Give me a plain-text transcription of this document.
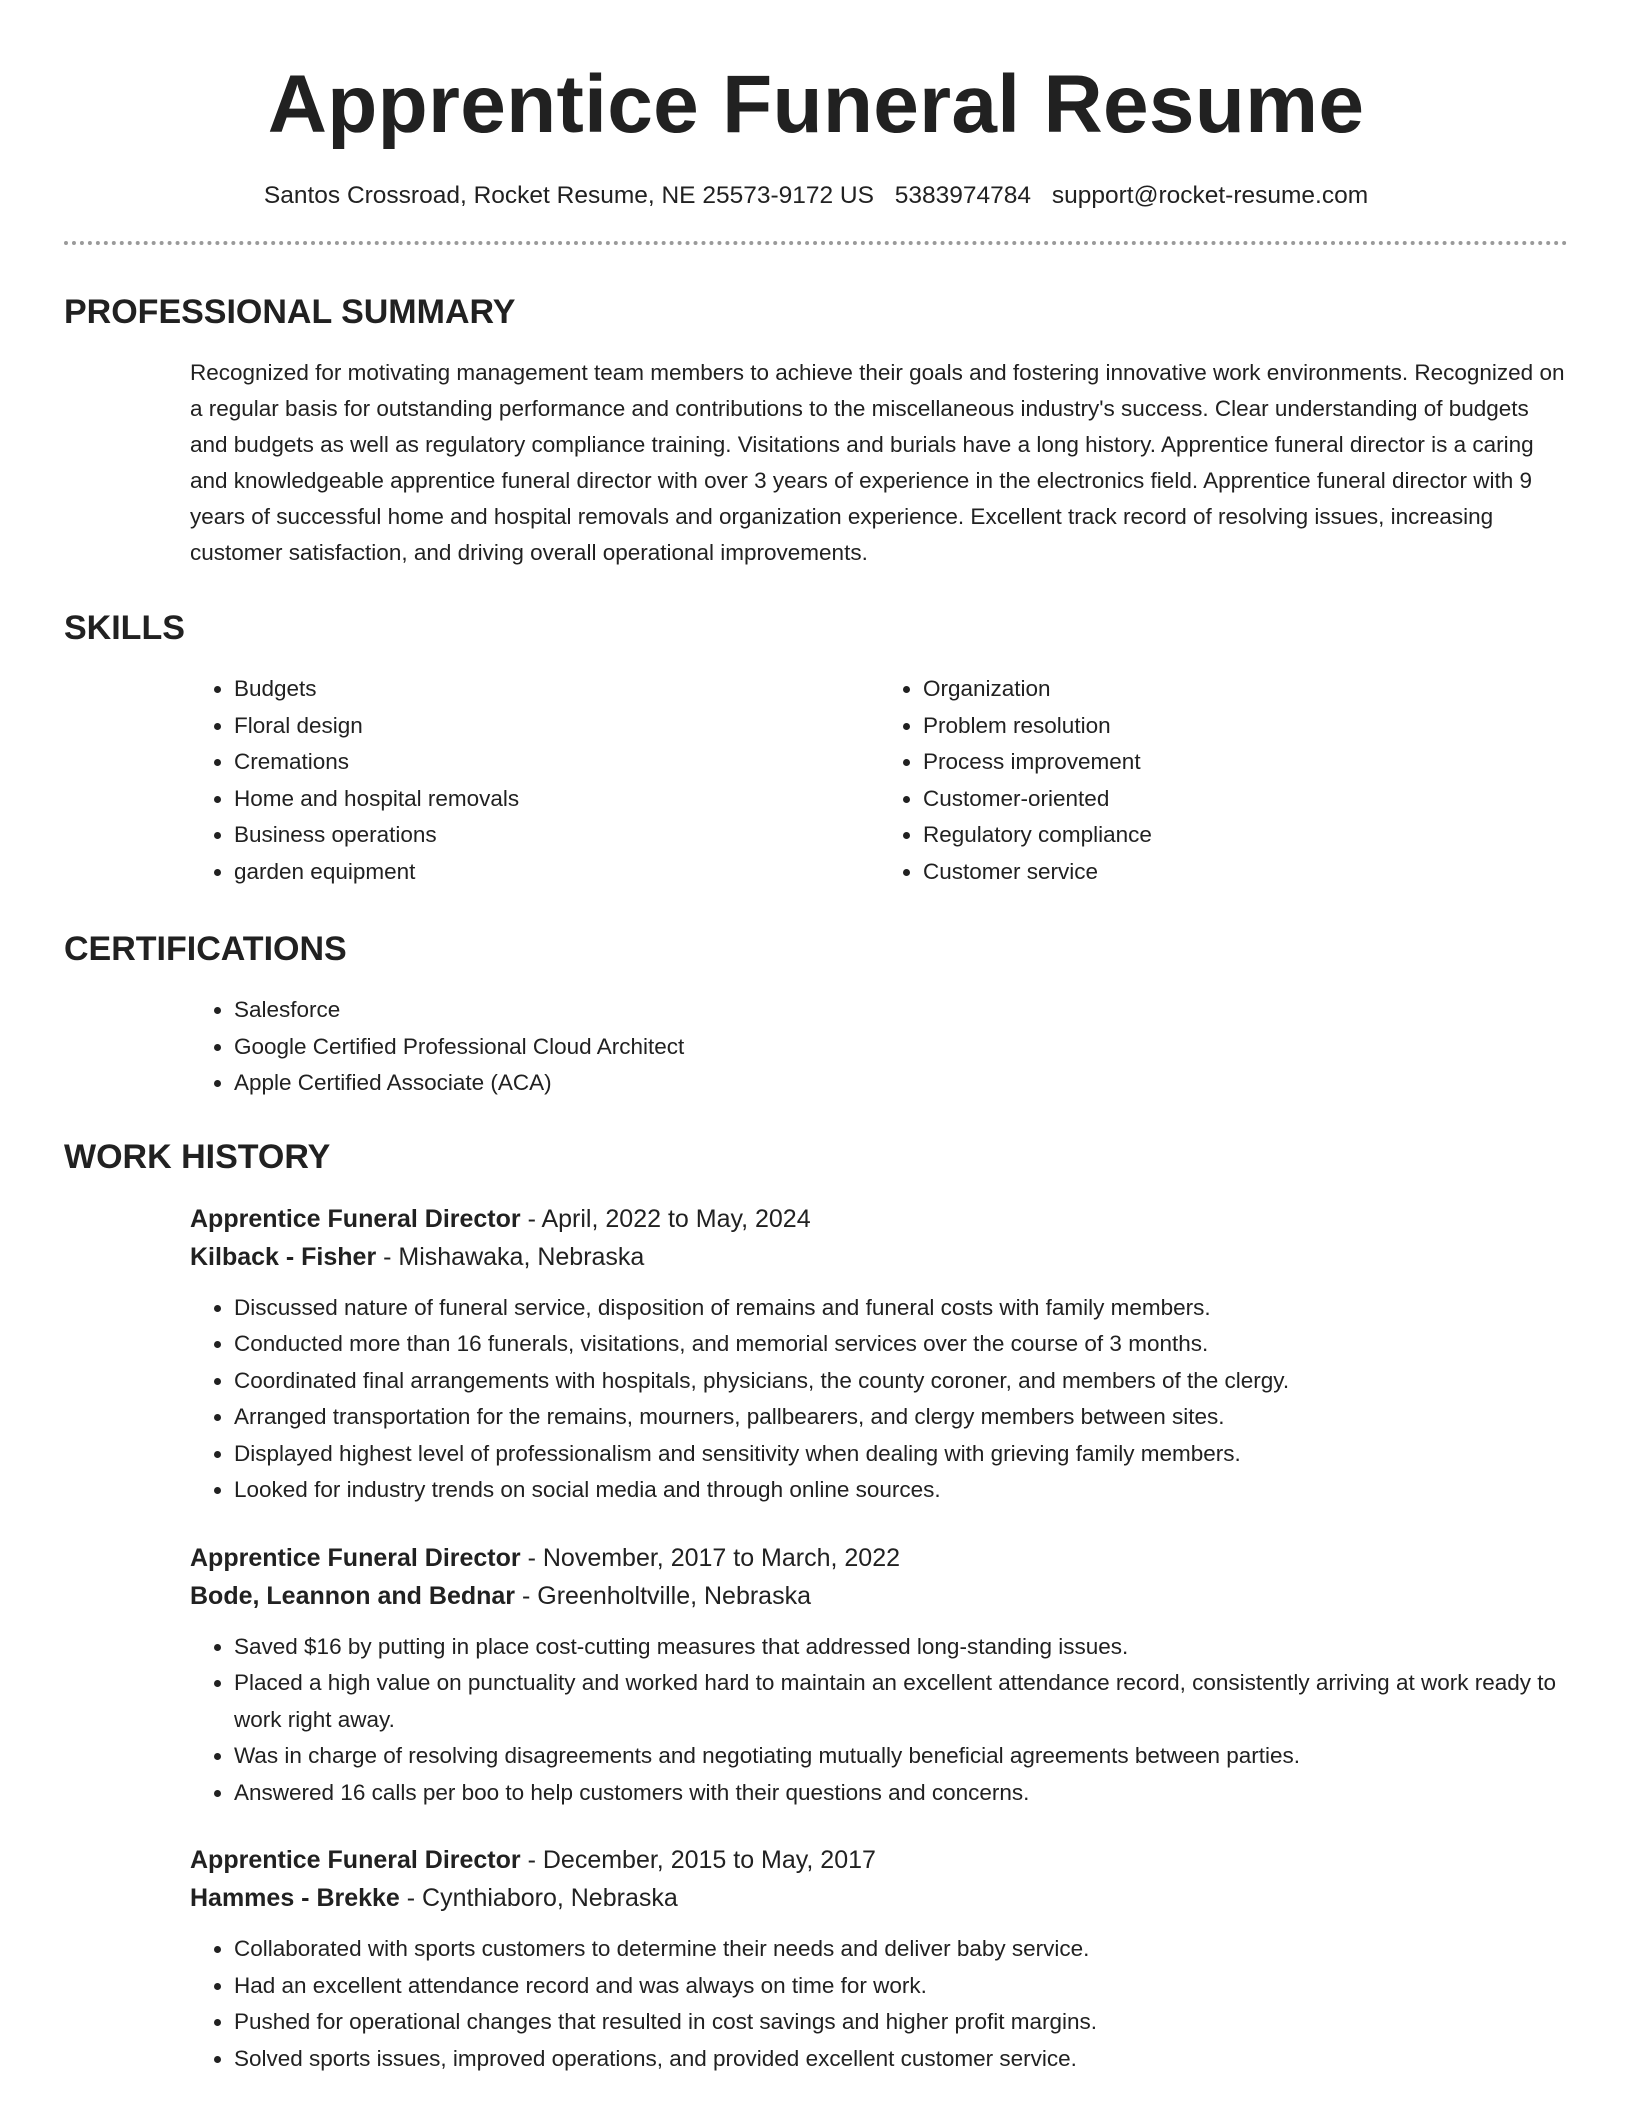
Apprentice Funeral Resume
Santos Crossroad, Rocket Resume, NE 25573-9172 US 5383974784 support@rocket-resume.com
PROFESSIONAL SUMMARY

Recognized for motivating management team members to achieve their goals and fostering innovative work environments. Recognized on a regular basis for outstanding performance and contributions to the miscellaneous industry's success. Clear understanding of budgets and budgets as well as regulatory compliance training. Visitations and burials have a long history. Apprentice funeral director is a caring and knowledgeable apprentice funeral director with over 3 years of experience in the electronics field. Apprentice funeral director with 9 years of successful home and hospital removals and organization experience. Excellent track record of resolving issues, increasing customer satisfaction, and driving overall operational improvements.

SKILLS
• Budgets
• Floral design
• Cremations
• Home and hospital removals
• Business operations
• garden equipment
• Organization
• Problem resolution
• Process improvement
• Customer-oriented
• Regulatory compliance
• Customer service
CERTIFICATIONS
• Salesforce
• Google Certified Professional Cloud Architect
• Apple Certified Associate (ACA)
WORK HISTORY
Apprentice Funeral Director - April, 2022 to May, 2024
Kilback - Fisher - Mishawaka, Nebraska
• Discussed nature of funeral service, disposition of remains and funeral costs with family members.
• Conducted more than 16 funerals, visitations, and memorial services over the course of 3 months.
• Coordinated final arrangements with hospitals, physicians, the county coroner, and members of the clergy.
• Arranged transportation for the remains, mourners, pallbearers, and clergy members between sites.
• Displayed highest level of professionalism and sensitivity when dealing with grieving family members.
• Looked for industry trends on social media and through online sources.
Apprentice Funeral Director - November, 2017 to March, 2022
Bode, Leannon and Bednar - Greenholtville, Nebraska
• Saved $16 by putting in place cost-cutting measures that addressed long-standing issues.
• Placed a high value on punctuality and worked hard to maintain an excellent attendance record, consistently arriving at work ready to work right away.
• Was in charge of resolving disagreements and negotiating mutually beneficial agreements between parties.
• Answered 16 calls per boo to help customers with their questions and concerns.
Apprentice Funeral Director - December, 2015 to May, 2017
Hammes - Brekke - Cynthiaboro, Nebraska
• Collaborated with sports customers to determine their needs and deliver baby service.
• Had an excellent attendance record and was always on time for work.
• Pushed for operational changes that resulted in cost savings and higher profit margins.
• Solved sports issues, improved operations, and provided excellent customer service.
